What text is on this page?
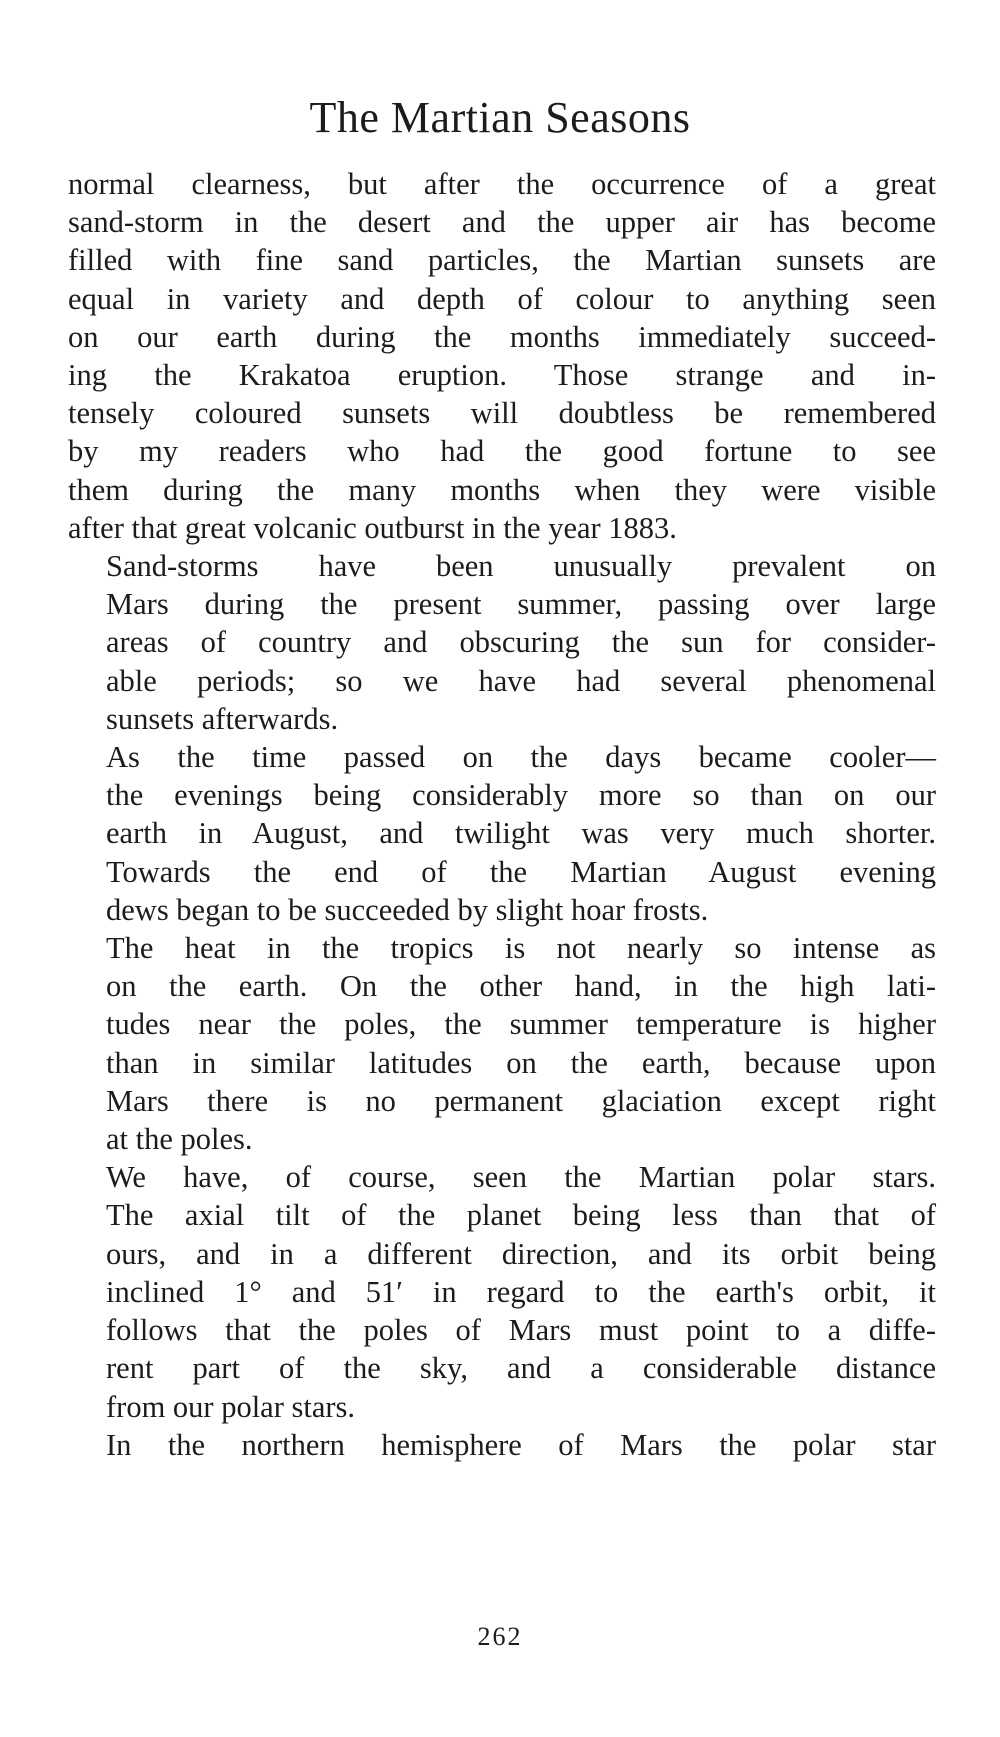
The Martian Seasons

normal clearness, but after the occurrence of a great
sand-storm in the desert and the upper air has become
filled with fine sand particles, the Martian sunsets are
equal in variety and depth of colour to anything seen
on our earth during the months immediately succeed-
ing the Krakatoa eruption. Those strange and in-
tensely coloured sunsets will doubtless be remembered
by my readers who had the good fortune to see
them during the many months when they were visible
after that great volcanic outburst in the year 1883.

Sand-storms have been unusually prevalent on
Mars during the present summer, passing over large
areas of country and obscuring the sun for consider-
able periods; so we have had several phenomenal
sunsets afterwards.

As the time passed on the days became cooler—
the evenings being considerably more so than on our
earth in August, and twilight was very much shorter.
Towards the end of the Martian August evening
dews began to be succeeded by slight hoar frosts.

The heat in the tropics is not nearly so intense as
on the earth. On the other hand, in the high lati-
tudes near the poles, the summer temperature is higher
than in similar latitudes on the earth, because upon
Mars there is no permanent glaciation except right
at the poles.

We have, of course, seen the Martian polar stars.
The axial tilt of the planet being less than that of
ours, and in a different direction, and its orbit being
inclined 1° and 51′ in regard to the earth's orbit, it
follows that the poles of Mars must point to a diffe-
rent part of the sky, and a considerable distance
from our polar stars.

In the northern hemisphere of Mars the polar star

262
